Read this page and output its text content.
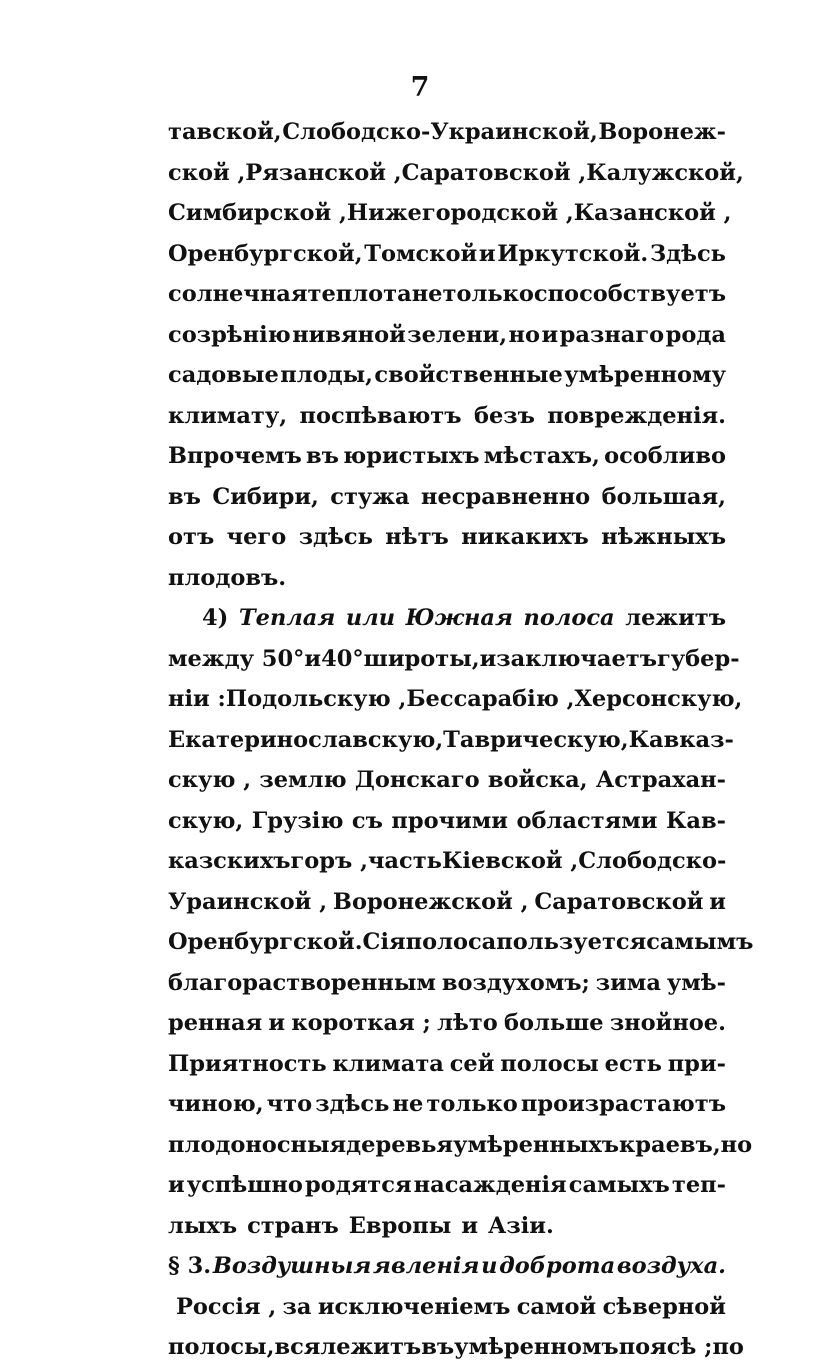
7
тавской, Слободско-Украинской, Воронеж-
ской ,Рязанской , Саратовской , Калужской,
Симбирской , Нижегородской , Казанской ,
Оренбургской, Томской и Иркутской. Здѣсь
солнечная теплота не только способствуетъ
созрѣнію нивяной зелени, но и разнаго рода
садовые плоды, свойственные умѣренному
климату, поспѣваютъ безъ поврежденія.
Впрочемъ въ юристыхъ мѣстахъ, особливо
въ Сибири, стужа несравненно большая,
отъ чего здѣсь нѣтъ никакихъ нѣжныхъ
плодовъ.
4) Теплая или Южная полоса лежитъ
между 50° и 40° широты, и заключаетъ губер-
ніи : Подольскую , Бессарабію , Херсонскую,
Екатеринославскую, Таврическую, Кавказ-
скую , землю Донскаго войска, Астрахан-
скую, Грузію съ прочими областями Кав-
казскихъ горъ , часть Кіевской , Слободско-
Ураинской , Воронежской , Саратовской и
Оренбургской. Сія полоса пользуется самымъ
благорастворенным воздухомъ; зима умѣ-
ренная и короткая ; лѣто больше знойное.
Приятность климата сей полосы есть при-
чиною, что здѣсь не только произрастаютъ
плодоносныя деревья умѣренныхъ краевъ, но
и успѣшно родятся насажденія самыхъ теп-
лыхъ странъ Европы и Азіи.
§ 3. Воздушныя явленія и доброта воздуха.
Россія , за исключеніемъ самой сѣверной
полосы, вся лежитъ въ умѣренномъ поясѣ ; по
